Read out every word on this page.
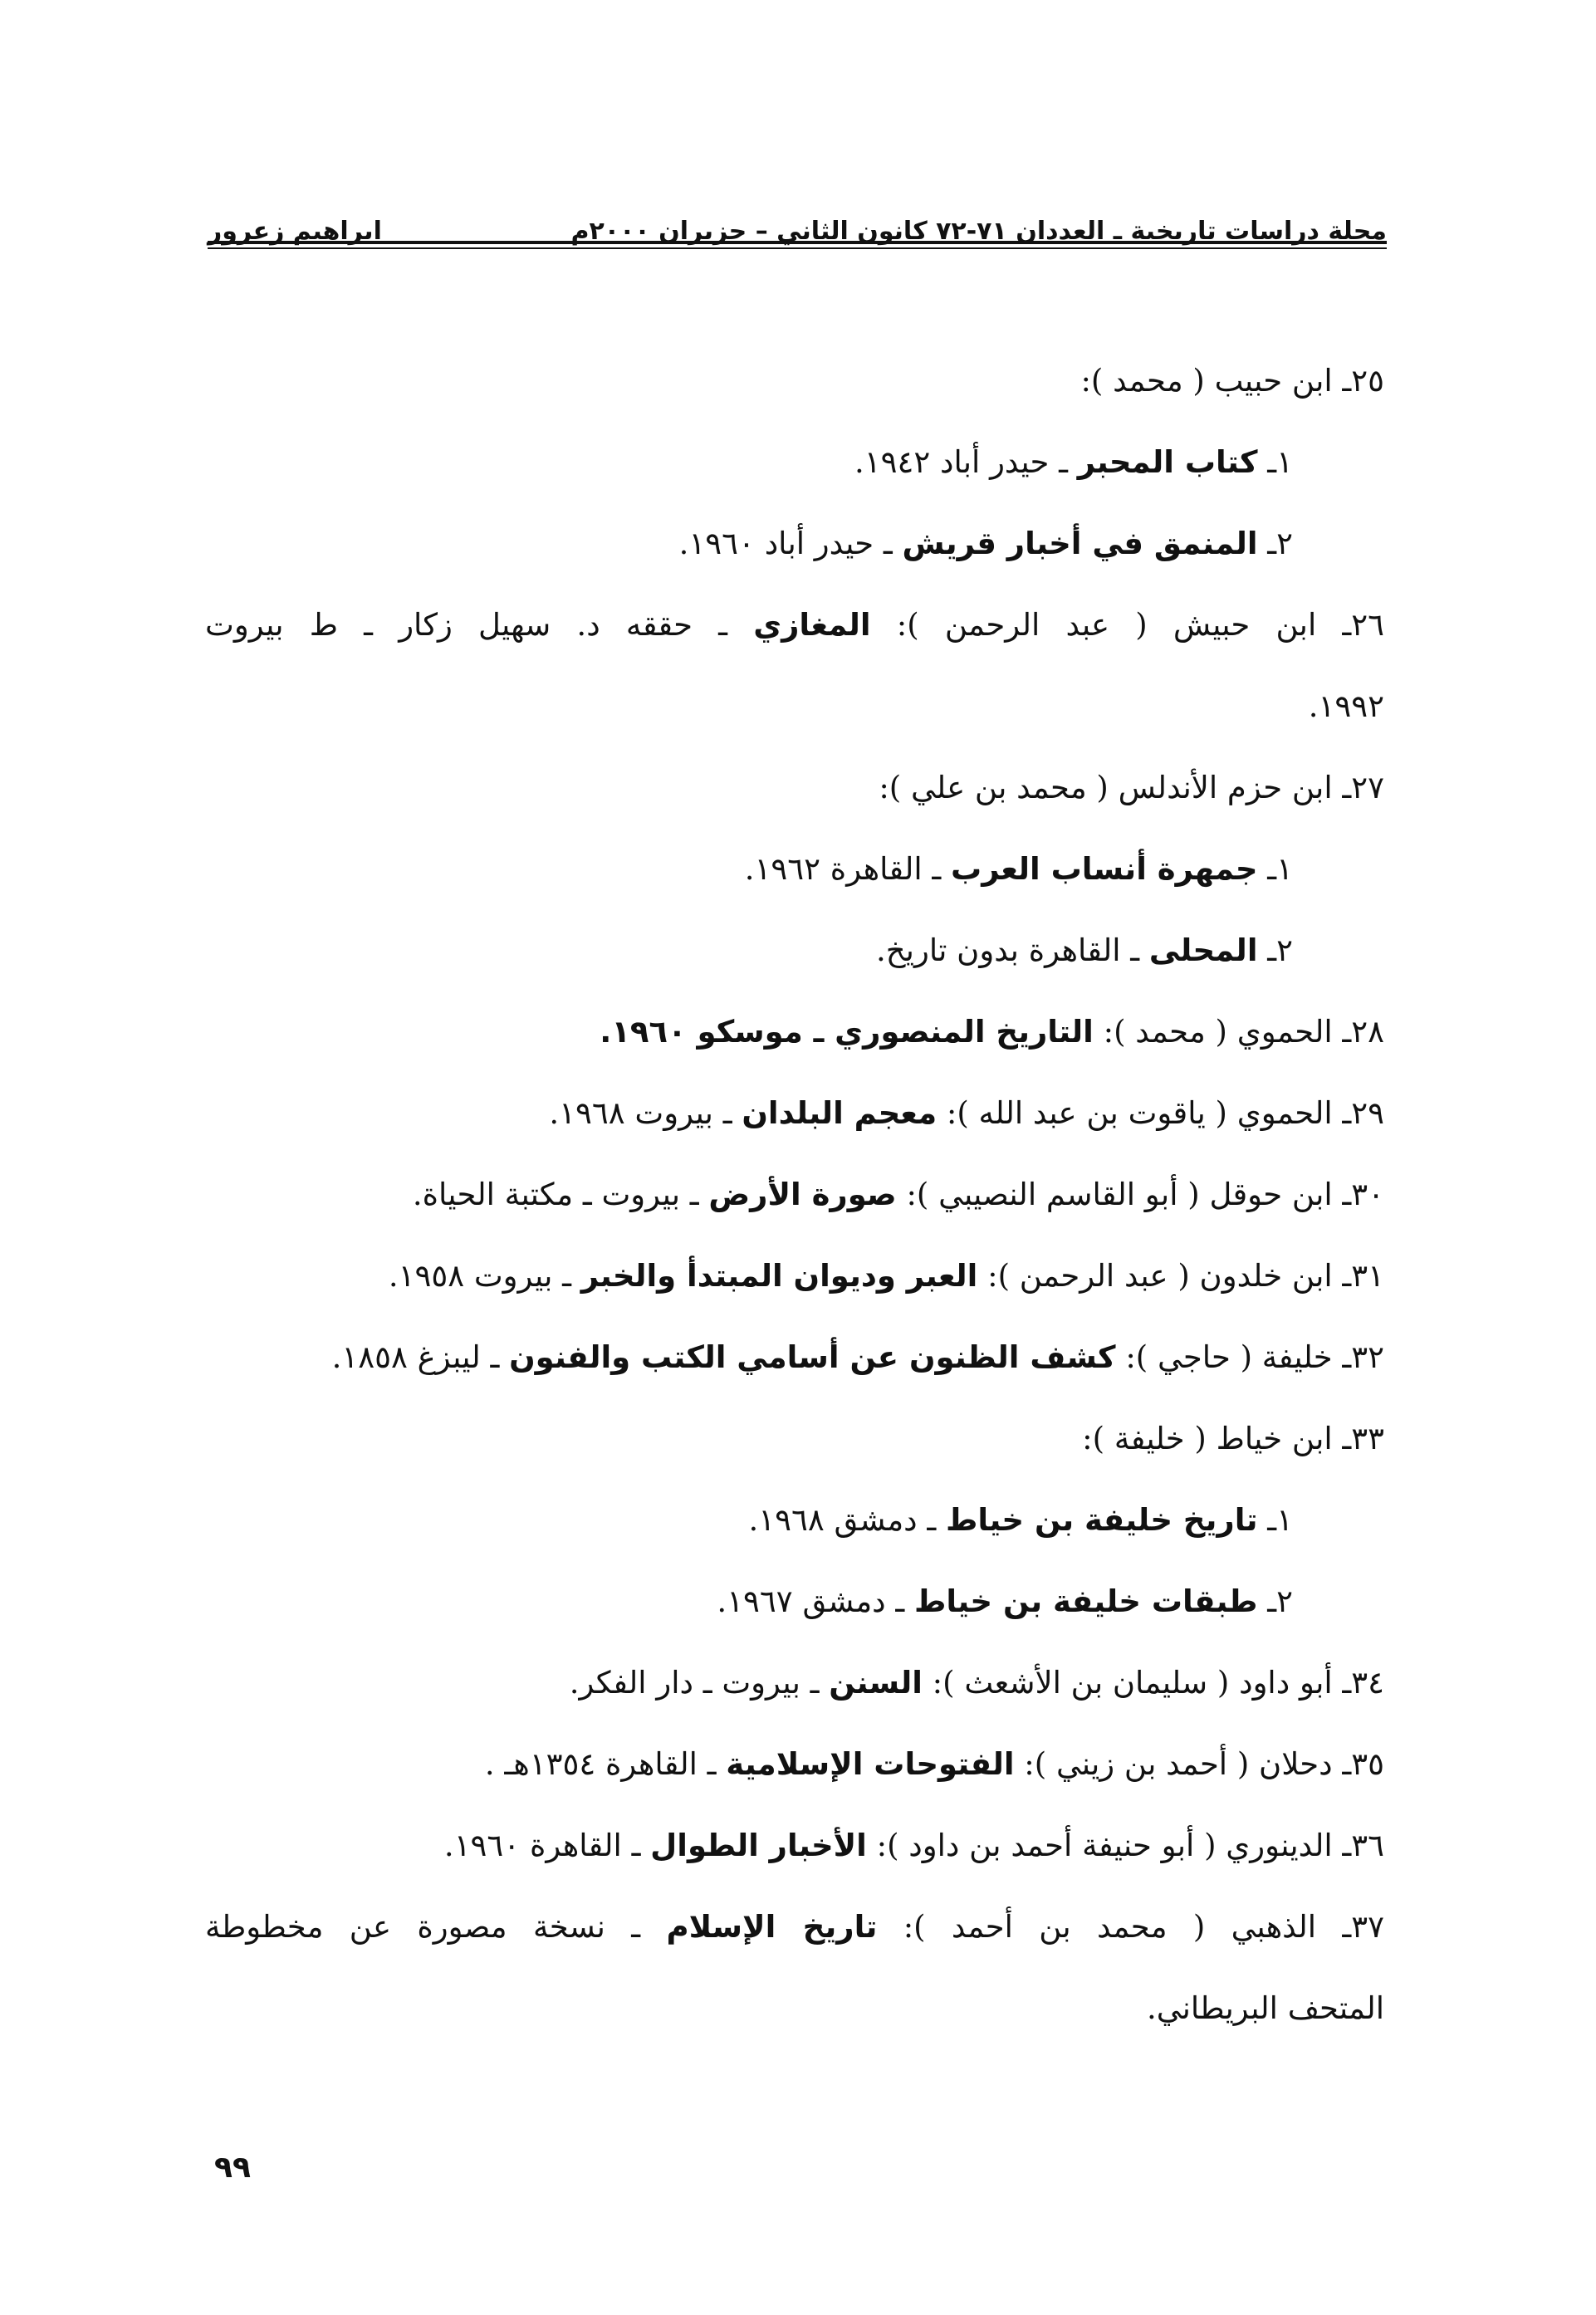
مجلة دراسات تاريخية ـ العددان ٧١-٧٢ كانون الثاني – حزيران ٢٠٠٠م
ابراهيم زعرور
٢٥ـ ابن حبيب ( محمد ):
١ـ كتاب المحبر ـ حيدر أباد ١٩٤٢.
٢ـ المنمق في أخبار قريش ـ حيدر أباد ١٩٦٠.
٢٦ـ ابن حبيش ( عبد الرحمن ): المغازي ـ حققه د. سهيل زكار ـ ط بيروت
١٩٩٢.
٢٧ـ ابن حزم الأندلس ( محمد بن علي ):
١ـ جمهرة أنساب العرب ـ القاهرة ١٩٦٢.
٢ـ المحلى ـ القاهرة بدون تاريخ.
٢٨ـ الحموي ( محمد ): التاريخ المنصوري ـ موسكو ١٩٦٠.
٢٩ـ الحموي ( ياقوت بن عبد الله ): معجم البلدان ـ بيروت ١٩٦٨.
٣٠ـ ابن حوقل ( أبو القاسم النصيبي ): صورة الأرض ـ بيروت ـ مكتبة الحياة.
٣١ـ ابن خلدون ( عبد الرحمن ): العبر وديوان المبتدأ والخبر ـ بيروت ١٩٥٨.
٣٢ـ خليفة ( حاجي ): كشف الظنون عن أسامي الكتب والفنون ـ ليبزغ ١٨٥٨.
٣٣ـ ابن خياط ( خليفة ):
١ـ تاريخ خليفة بن خياط ـ دمشق ١٩٦٨.
٢ـ طبقات خليفة بن خياط ـ دمشق ١٩٦٧.
٣٤ـ أبو داود ( سليمان بن الأشعث ): السنن ـ بيروت ـ دار الفكر.
٣٥ـ دحلان ( أحمد بن زيني ): الفتوحات الإسلامية ـ القاهرة ١٣٥٤هـ .
٣٦ـ الدينوري ( أبو حنيفة أحمد بن داود ): الأخبار الطوال ـ القاهرة ١٩٦٠.
٣٧ـ الذهبي ( محمد بن أحمد ): تاريخ الإسلام ـ نسخة مصورة عن مخطوطة
المتحف البريطاني.
٩٩
